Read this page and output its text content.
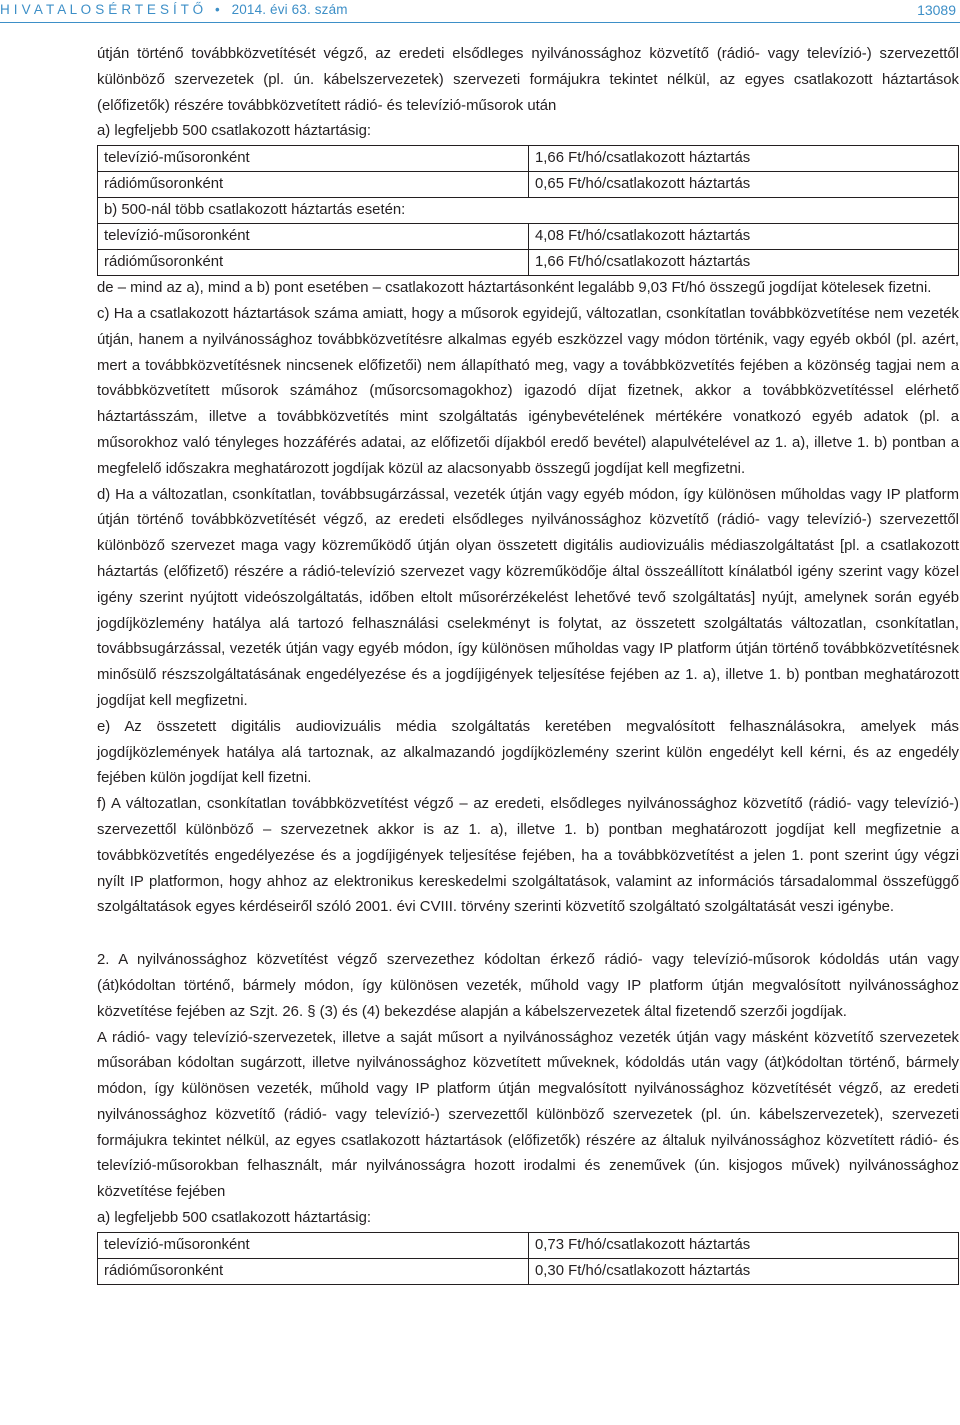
H I V A T A L O S É R T E S Í T Ő • 2014. évi 63. szám	13089

útján történő továbbközvetítését végző, az eredeti elsődleges nyilvánossághoz közvetítő (rádió- vagy televízió-) szervezettől különböző szervezetek (pl. ún. kábelszervezetek) szervezeti formájukra tekintet nélkül, az egyes csatlakozott háztartások (előfizetők) részére továbbközvetített rádió- és televízió-műsorok után

a) legfeljebb 500 csatlakozott háztartásig:

televízió-műsoronként	1,66 Ft/hó/csatlakozott háztartás
rádióműsoronként	0,65 Ft/hó/csatlakozott háztartás
b) 500-nál több csatlakozott háztartás esetén:	
televízió-műsoronként	4,08 Ft/hó/csatlakozott háztartás
rádióműsoronként	1,66 Ft/hó/csatlakozott háztartás

de – mind az a), mind a b) pont esetében – csatlakozott háztartásonként legalább 9,03 Ft/hó összegű jogdíjat kötelesek fizetni.

c) Ha a csatlakozott háztartások száma amiatt, hogy a műsorok egyidejű, változatlan, csonkítatlan továbbközvetítése nem vezeték útján, hanem a nyilvánossághoz továbbközvetítésre alkalmas egyéb eszközzel vagy módon történik, vagy egyéb okból (pl. azért, mert a továbbközvetítésnek nincsenek előfizetői) nem állapítható meg, vagy a továbbközvetítés fejében a közönség tagjai nem a továbbközvetített műsorok számához (műsorcsomagokhoz) igazodó díjat fizetnek, akkor a továbbközvetítéssel elérhető háztartásszám, illetve a továbbközvetítés mint szolgáltatás igénybevételének mértékére vonatkozó egyéb adatok (pl. a műsorokhoz való tényleges hozzáférés adatai, az előfizetői díjakból eredő bevétel) alapulvételével az 1. a), illetve 1. b) pontban a megfelelő időszakra meghatározott jogdíjak közül az alacsonyabb összegű jogdíjat kell megfizetni.

d) Ha a változatlan, csonkítatlan, továbbsugárzással, vezeték útján vagy egyéb módon, így különösen műholdas vagy IP platform útján történő továbbközvetítését végző, az eredeti elsődleges nyilvánossághoz közvetítő (rádió- vagy televízió-) szervezettől különböző szervezet maga vagy közreműködő útján olyan összetett digitális audiovizuális médiaszolgáltatást [pl. a csatlakozott háztartás (előfizető) részére a rádió-televízió szervezet vagy közreműködője által összeállított kínálatból igény szerint vagy közel igény szerint nyújtott videószolgáltatás, időben eltolt műsorérzékelést lehetővé tevő szolgáltatás] nyújt, amelynek során egyéb jogdíjközlemény hatálya alá tartozó felhasználási cselekményt is folytat, az összetett szolgáltatás változatlan, csonkítatlan, továbbsugárzással, vezeték útján vagy egyéb módon, így különösen műholdas vagy IP platform útján történő továbbközvetítésnek minősülő részszolgáltatásának engedélyezése és a jogdíjigények teljesítése fejében az 1. a), illetve 1. b) pontban meghatározott jogdíjat kell megfizetni.

e) Az összetett digitális audiovizuális média szolgáltatás keretében megvalósított felhasználásokra, amelyek más jogdíjközlemények hatálya alá tartoznak, az alkalmazandó jogdíjközlemény szerint külön engedélyt kell kérni, és az engedély fejében külön jogdíjat kell fizetni.

f) A változatlan, csonkítatlan továbbközvetítést végző – az eredeti, elsődleges nyilvánossághoz közvetítő (rádió- vagy televízió-) szervezettől különböző – szervezetnek akkor is az 1. a), illetve 1. b) pontban meghatározott jogdíjat kell megfizetnie a továbbközvetítés engedélyezése és a jogdíjigények teljesítése fejében, ha a továbbközvetítést a jelen 1. pont szerint úgy végzi nyílt IP platformon, hogy ahhoz az elektronikus kereskedelmi szolgáltatások, valamint az információs társadalommal összefüggő szolgáltatások egyes kérdéseiről szóló 2001. évi CVIII. törvény szerinti közvetítő szolgáltató szolgáltatását veszi igénybe.

2. A nyilvánossághoz közvetítést végző szervezethez kódoltan érkező rádió- vagy televízió-műsorok kódoldás után vagy (át)kódoltan történő, bármely módon, így különösen vezeték, műhold vagy IP platform útján megvalósított nyilvánossághoz közvetítése fejében az Szjt. 26. § (3) és (4) bekezdése alapján a kábelszervezetek által fizetendő szerzői jogdíjak.

A rádió- vagy televízió-szervezetek, illetve a saját műsort a nyilvánossághoz vezeték útján vagy másként közvetítő szervezetek műsorában kódoltan sugárzott, illetve nyilvánossághoz közvetített műveknek, kódoldás után vagy (át)kódoltan történő, bármely módon, így különösen vezeték, műhold vagy IP platform útján megvalósított nyilvánossághoz közvetítését végző, az eredeti nyilvánossághoz közvetítő (rádió- vagy televízió-) szervezettől különböző szervezetek (pl. ún. kábelszervezetek), szervezeti formájukra tekintet nélkül, az egyes csatlakozott háztartások (előfizetők) részére az általuk nyilvánossághoz közvetített rádió- és televízió-műsorokban felhasznált, már nyilvánosságra hozott irodalmi és zeneművek (ún. kisjogos művek) nyilvánossághoz közvetítése fejében

a) legfeljebb 500 csatlakozott háztartásig:

televízió-műsoronként	0,73 Ft/hó/csatlakozott háztartás
rádióműsoronként	0,30 Ft/hó/csatlakozott háztartás
